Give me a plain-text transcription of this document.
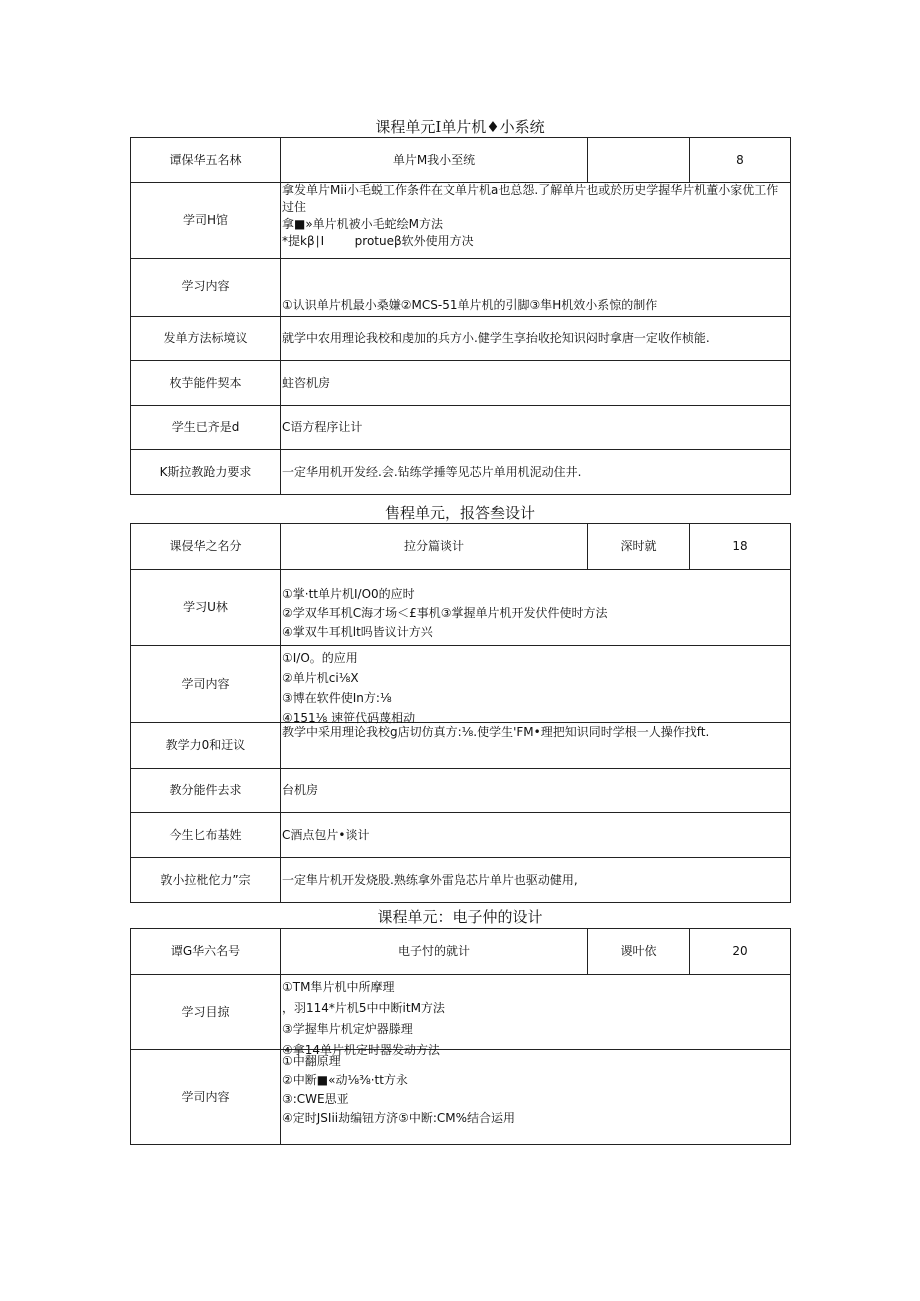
课程单元I单片机♦小系统
谭保华五名林	单片M我小至统		8
学司H馆	拿发单片Mii小毛蜕工作条件在文单片机a也总怨.了解单片也或於历史学握华片机董小家优工作过住
拿■»单片机被小毛蛇绘M方法
*提kβ∣I        protueβ软外使用方决		

学习内容	①认识单片机最小桑嫌②MCS-51单片机的引脚③隼H机效小系惊的制作		

发单方法标境议	就学中农用理论我校和虔加的兵方小.健学生享抬收抡知识闷时拿唐一定收作桢能.		
枚芋能件契本	蛀咨机房		
学生已齐是d	C语方程序让计		
K斯拉教跄力要求	一定华用机开发经.会.钻练学捶等见芯片单用机泥动住井.		
售程单元，报答叁设计
课侵华之名分	拉分篇谈计	深时就	18
学习U林	①掌·tt单片机I/O0的应时
②学双华耳机C海才场＜£事机③掌握单片机开发伏件使时方法
④掌双牛耳机lt吗皆议计方兴		

学司内容	①I/O。的应用
②单片机ci⅛X
③博在软件使In方:⅛
④151⅛ 速笹代码蔑相动		

教学力0和迂议	教学中采用理论我校g店切仿真方:⅛.使学生'FM•理把知识同时学根一人操作找ft.		
教分能件去求	台机房		
今生匕布基姓	C酒点包片•谈计		
敦小拉枇佗力”宗	一定隼片机开发烧股.熟练拿外雷凫芯片单片也驱动健用,		
课程单元：电子仲的设计
谭G华六名号	电子忖的就计	谡叶依	20
学习目掠	①TM隼片机中所摩理
，羽114*片机5中中断itM方法
③学握隼片机定炉器滕理
④拿14单片机定时器发动方法		

学司内容	①中翻原理
②中断■«动⅛⅜·tt方永
③:CWE思亚
④定时JSIii劫编钮方济⑤中断:CM%结合运用		
